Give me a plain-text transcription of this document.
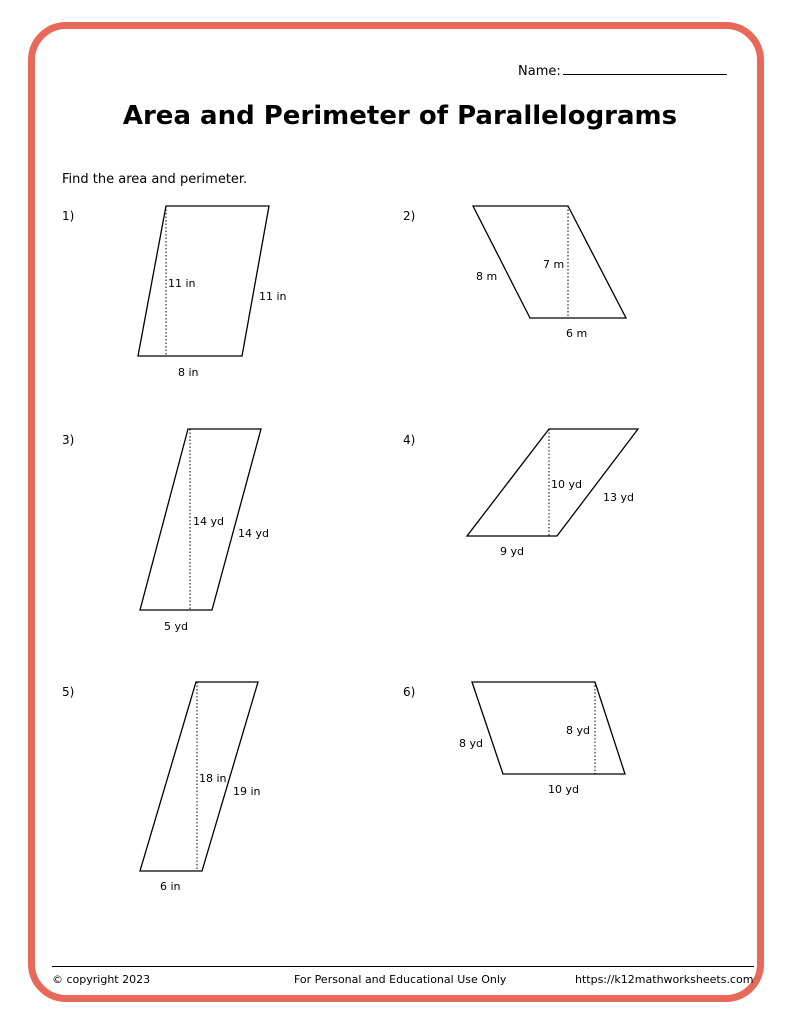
Name:
Area and Perimeter of Parallelograms
Find the area and perimeter.
1)	2)
3)	4)
5)	6)
11 in
11 in
8 in
7 m
8 m
6 m
14 yd
14 yd
5 yd
10 yd
13 yd
9 yd
18 in
19 in
6 in
8 yd
8 yd
10 yd
© copyright 2023	For Personal and Educational Use Only	https://k12mathworksheets.com
